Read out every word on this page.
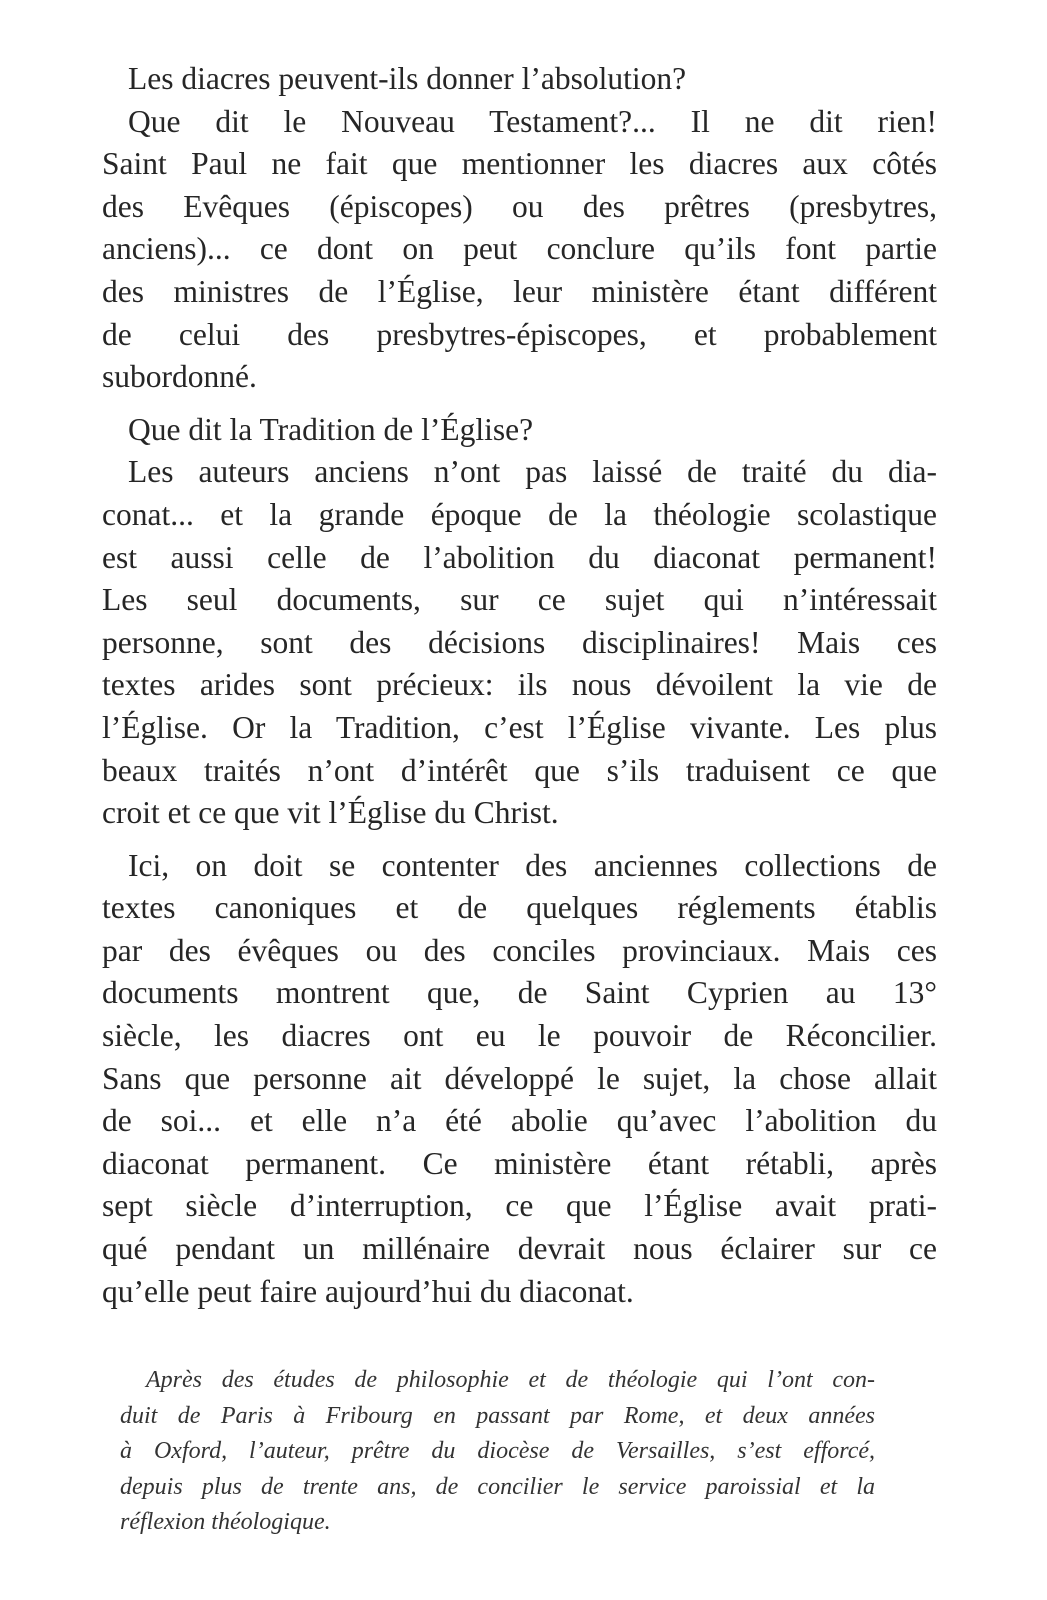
Les diacres peuvent-ils donner l’absolution?

Que dit le Nouveau Testament?... Il ne dit rien!
Saint Paul ne fait que mentionner les diacres aux côtés
des Evêques (épiscopes) ou des prêtres (presbytres,
anciens)... ce dont on peut conclure qu’ils font partie
des ministres de l’Église, leur ministère étant différent
de celui des presbytres-épiscopes, et probablement
subordonné.

Que dit la Tradition de l’Église?

Les auteurs anciens n’ont pas laissé de traité du dia-
conat... et la grande époque de la théologie scolastique
est aussi celle de l’abolition du diaconat permanent!
Les seul documents, sur ce sujet qui n’intéressait
personne, sont des décisions disciplinaires! Mais ces
textes arides sont précieux: ils nous dévoilent la vie de
l’Église. Or la Tradition, c’est l’Église vivante. Les plus
beaux traités n’ont d’intérêt que s’ils traduisent ce que
croit et ce que vit l’Église du Christ.

Ici, on doit se contenter des anciennes collections de
textes canoniques et de quelques réglements établis
par des évêques ou des conciles provinciaux. Mais ces
documents montrent que, de Saint Cyprien au 13°
siècle, les diacres ont eu le pouvoir de Réconcilier.
Sans que personne ait développé le sujet, la chose allait
de soi... et elle n’a été abolie qu’avec l’abolition du
diaconat permanent. Ce ministère étant rétabli, après
sept siècle d’interruption, ce que l’Église avait prati-
qué pendant un millénaire devrait nous éclairer sur ce
qu’elle peut faire aujourd’hui du diaconat.

Après des études de philosophie et de théologie qui l’ont con-
duit de Paris à Fribourg en passant par Rome, et deux années
à Oxford, l’auteur, prêtre du diocèse de Versailles, s’est efforcé,
depuis plus de trente ans, de concilier le service paroissial et la
réflexion théologique.
